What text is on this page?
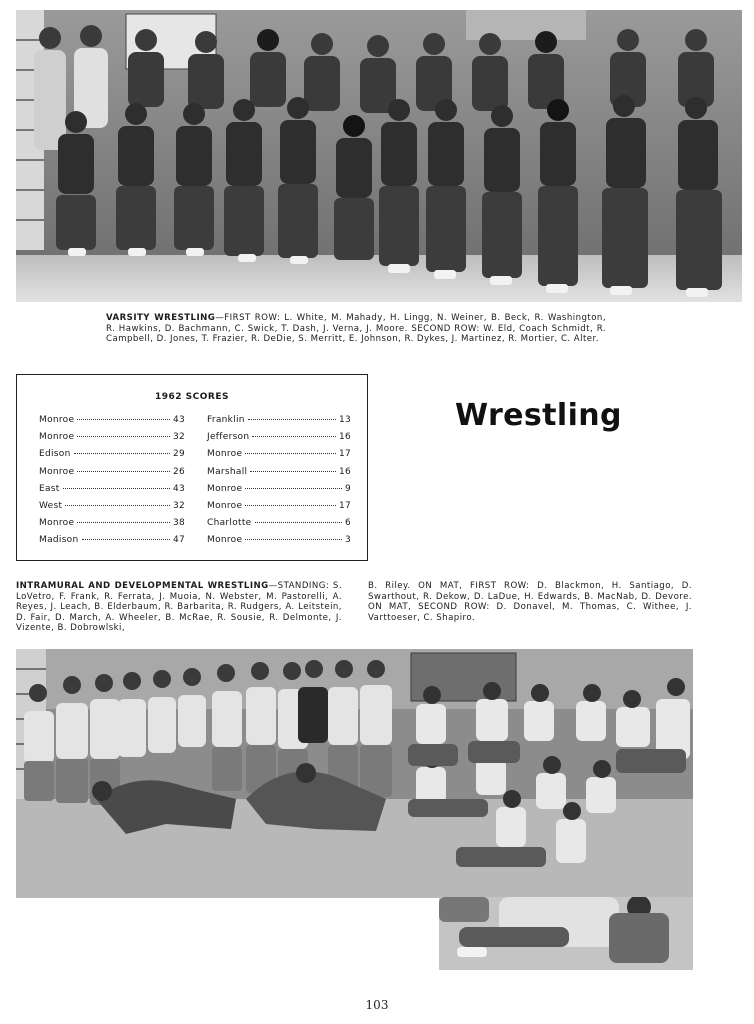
VARSITY WRESTLING—FIRST ROW: L. White, M. Mahady, H. Lingg, N. Weiner, B. Beck, R. Washington, R. Hawkins, D. Bachmann, C. Swick, T. Dash, J. Verna, J. Moore. SECOND ROW: W. Eld, Coach Schmidt, R. Campbell, D. Jones, T. Frazier, R. DeDie, S. Merritt, E. Johnson, R. Dykes, J. Martinez, R. Mortier, C. Alter.
1962 SCORES
Monroe	43 Franklin	13
Monroe	32 Jefferson	16
Edison	29 Monroe	17
Monroe	26 Marshall	16
East	43 Monroe	9
West	32 Monroe	17
Monroe	38 Charlotte	6
Madison	47 Monroe	3
Wrestling
INTRAMURAL AND DEVELOPMENTAL WRESTLING—STANDING: S. LoVetro, F. Frank, R. Ferrata, J. Muoia, N. Webster, M. Pastorelli, A. Reyes, J. Leach, B. Elderbaum, R. Barbarita, R. Rudgers, A. Leitstein, D. Fair, D. March, A. Wheeler, B. McRae, R. Sousie, R. Delmonte, J. Vizente, B. Dobrowlski,
B. Riley. ON MAT, FIRST ROW: D. Blackmon, H. Santiago, D. Swarthout, R. Dekow, D. LaDue, H. Edwards, B. MacNab, D. Devore. ON MAT, SECOND ROW: D. Donavel, M. Thomas, C. Withee, J. Varttoeser, C. Shapiro.
103
